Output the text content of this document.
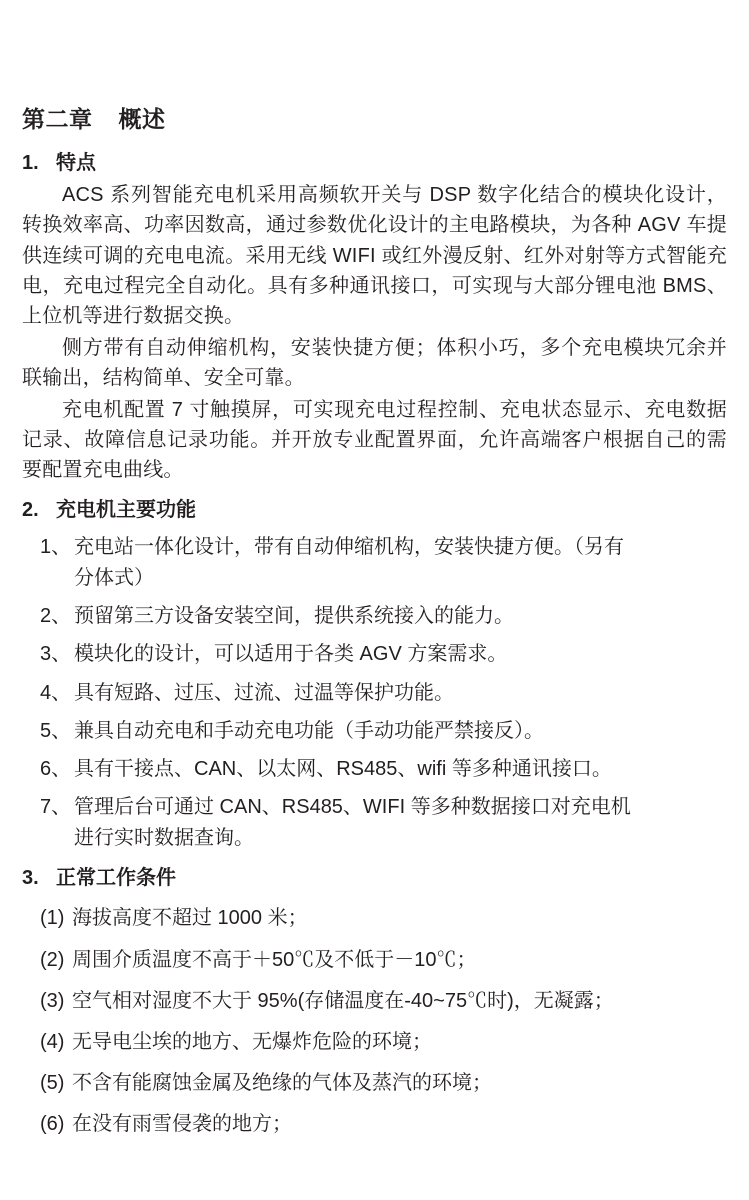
第二章 概述
1. 特点

ACS 系列智能充电机采用高频软开关与 DSP 数字化结合的模块化设计，转换效率高、功率因数高，通过参数优化设计的主电路模块，为各种 AGV 车提供连续可调的充电电流。采用无线 WIFI 或红外漫反射、红外对射等方式智能充电，充电过程完全自动化。具有多种通讯接口，可实现与大部分锂电池 BMS、上位机等进行数据交换。

侧方带有自动伸缩机构，安装快捷方便；体积小巧，多个充电模块冗余并联输出，结构简单、安全可靠。

充电机配置 7 寸触摸屏，可实现充电过程控制、充电状态显示、充电数据记录、故障信息记录功能。并开放专业配置界面，允许高端客户根据自己的需要配置充电曲线。

2. 充电机主要功能
1、 充电站一体化设计，带有自动伸缩机构，安装快捷方便。（另有
分体式）
2、 预留第三方设备安装空间，提供系统接入的能力。
3、 模块化的设计，可以适用于各类 AGV 方案需求。
4、 具有短路、过压、过流、过温等保护功能。
5、 兼具自动充电和手动充电功能（手动功能严禁接反）。
6、 具有干接点、CAN、以太网、RS485、wifi 等多种通讯接口。
7、 管理后台可通过 CAN、RS485、WIFI 等多种数据接口对充电机
进行实时数据查询。
3. 正常工作条件
(1) 海拔高度不超过 1000 米；
(2) 周围介质温度不高于＋50℃及不低于－10℃；
(3) 空气相对湿度不大于 95%(存储温度在-40~75℃时)，无凝露；
(4) 无导电尘埃的地方、无爆炸危险的环境；
(5) 不含有能腐蚀金属及绝缘的气体及蒸汽的环境；
(6) 在没有雨雪侵袭的地方；
